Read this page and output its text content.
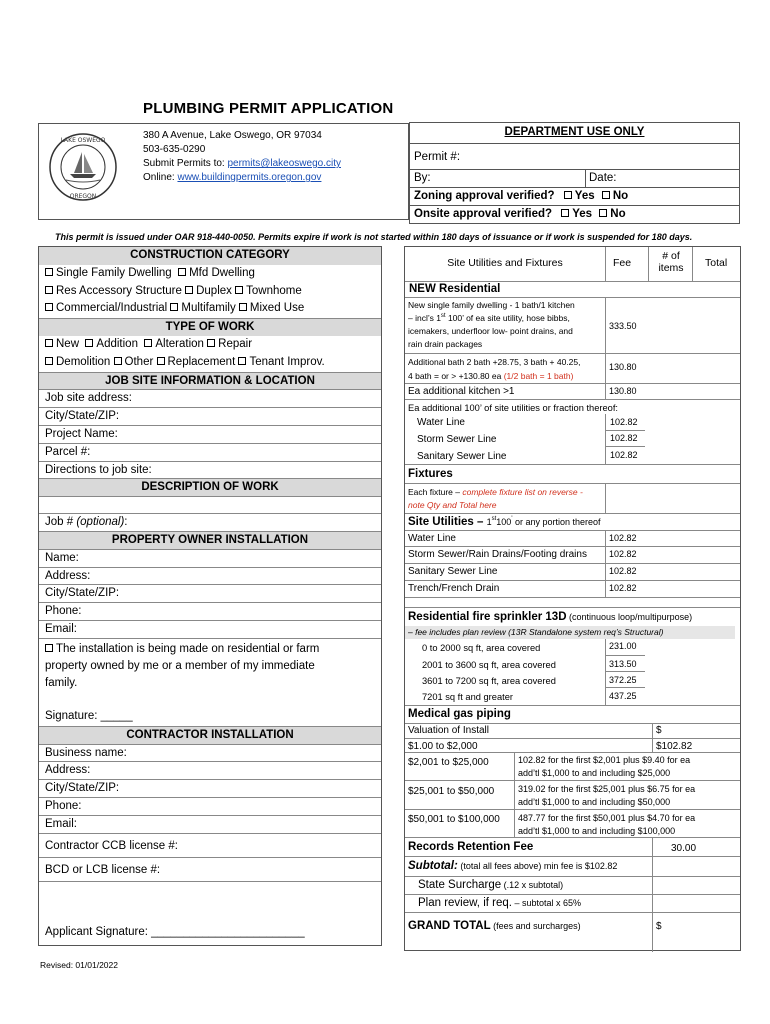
PLUMBING PERMIT APPLICATION
LAKE OSWEGO
OREGON
380 A Avenue, Lake Oswego, OR 97034
503-635-0290
Submit Permits to: permits@lakeoswego.city
Online: www.buildingpermits.oregon.gov
DEPARTMENT USE ONLY
Permit #:
By:	Date:
Zoning approval verified? Yes No
Onsite approval verified? Yes No
This permit is issued under OAR 918-440-0050. Permits expire if work is not started within 180 days of issuance or if work is suspended for 180 days.
CONSTRUCTION CATEGORY
Single Family Dwelling Mfd Dwelling
Res Accessory Structure Duplex Townhome
Commercial/Industrial Multifamily Mixed Use
TYPE OF WORK
New Addition Alteration Repair
Demolition Other Replacement Tenant Improv.
JOB SITE INFORMATION & LOCATION
Job site address:
City/State/ZIP:
Project Name:
Parcel #:
Directions to job site:
DESCRIPTION OF WORK
Job # (optional):
PROPERTY OWNER INSTALLATION
Name:
Address:
City/State/ZIP:
Phone:
Email:
The installation is being made on residential or farm
property owned by me or a member of my immediate
family.
Signature: _____
CONTRACTOR INSTALLATION
Business name:
Address:
City/State/ZIP:
Phone:
Email:
Contractor CCB license #:
BCD or LCB license #:
Applicant Signature: ________________________
Site Utilities and Fixtures	Fee
# of
items	Total
NEW Residential
New single family dwelling - 1 bath/1 kitchen
– incl’s 1st 100’ of ea site utility, hose bibbs,
icemakers, underfloor low- point drains, and
rain drain packages
333.50
Additional bath 2 bath +28.75, 3 bath + 40.25,
4 bath = or > +130.80 ea (1/2 bath = 1 bath)
130.80
Ea additional kitchen >1	130.80
Ea additional 100’ of site utilities or fraction thereof:
Water Line	102.82
Storm Sewer Line	102.82
Sanitary Sewer Line	102.82
Fixtures
Each fixture – complete fixture list on reverse -
note Qty and Total here
Site Utilities – 1st100' or any portion thereof
Water Line	102.82
Storm Sewer/Rain Drains/Footing drains 102.82
Sanitary Sewer Line	102.82
Trench/French Drain	102.82
Residential fire sprinkler 13D (continuous loop/multipurpose)
– fee includes plan review (13R Standalone system req’s Structural)
0 to 2000 sq ft, area covered	231.00
2001 to 3600 sq ft, area covered	313.50
3601 to 7200 sq ft, area covered	372.25
7201 sq ft and greater	437.25
Medical gas piping
Valuation of Install	$
$1.00 to $2,000	$102.82
$2,001 to $25,000	102.82 for the first $2,001 plus $9.40 for ea
add’tl $1,000 to and including $25,000
$25,001 to $50,000	319.02 for the first $25,001 plus $6.75 for ea
add’tl $1,000 to and including $50,000
$50,001 to $100,000 487.77 for the first $50,001 plus $4.70 for ea
add’tl $1,000 to and including $100,000
Records Retention Fee	30.00
Subtotal: (total all fees above) min fee is $102.82
State Surcharge (.12 x subtotal)
Plan review, if req. – subtotal x 65%
GRAND TOTAL (fees and surcharges)	$
Revised: 01/01/2022
